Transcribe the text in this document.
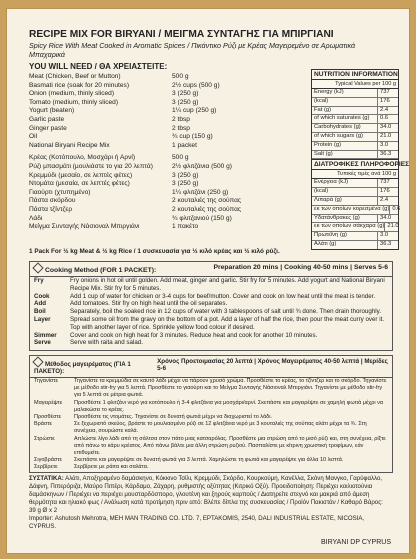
RECIPE MIX FOR BIRYANI / ΜΕΙΓΜΑ ΣΥΝΤΑΓΗΣ ΓΙΑ ΜΠΙΡΓΙΑΝΙ
Spicy Rice With Meat Cooked in Aromatic Spices / Πικάντικο Ρύζι με Κρέας Μαγειρεμένο σε Αρωματικά Μπαχαρικά
YOU WILL NEED / ΘΑ ΧΡΕΙΑΣΤΕΙΤΕ:
Meat (Chicken, Beef or Mutton)	500 g
Basmati rice (soak for 20 minutes)	2½ cups (500 g)
Onion (medium, thinly sliced)	3 (250 g)
Tomato (medium, thinly sliced)	3 (250 g)
Yogurt (beaten)	1¼ cup (250 g)
Garlic paste	2 tbsp
Ginger paste	2 tbsp
Oil	¾ cup (150 g)
National Biryani Recipe Mix	1 packet
Κρέας (Κοτόπουλο, Μοσχάρι ή Αρνί)	500 g
Ρύζι μπασμάτι (μουλιάστε το για 20 λεπτά)	2½ φλιτζάνια (500 g)
Κρεμμύδι (μεσαίο, σε λεπτές φέτες)	3 (250 g)
Ντομάτα (μεσαία, σε λεπτές φέτες)	3 (250 g)
Γιαούρτι (χτυπημένο)	1¼ φλιτζάνι (250 g)
Πάστα σκόρδου	2 κουταλιές της σούπας
Πάστα τζίντζερ	2 κουταλιές της σούπας
Λάδι	¾ φλιτζανιού (150 g)
Μείγμα Συνταγής Νάσιοναλ Μπιργιάνι	1 πακέτο
NUTRITION INFORMATION
Typical Values per 100 g
Energy (kJ)	737
(kcal)	176
Fat (g)	2.4
of which saturates (g)	0.6
Carbohydrates (g)	34.0
of which sugars (g)	21.0
Protein (g)	3.0
Salt (g)	36.3
ΔΙΑΤΡΟΦΙΚΕΣ ΠΛΗΡΟΦΟΡΙΕΣ
Τυπικές τιμές ανά 100 g
Ενέργεια (kJ)	737
(kcal)	176
Λιπαρά (g)	2.4
εκ των οποίων κορεσμένα (g) 0.6
Υδατάνθρακες (g)	34.0
εκ των οποίων σάκχαρα (g) 21.0
Πρωτεΐνη (g)	3.0
Αλάτι (g)	36.3
1 Pack For ½ kg Meat & ½ kg Rice / 1 συσκευασία για ½ κιλό κρέας και ½ κιλό ρύζι.
Cooking Method (FOR 1 PACKET):	Preparation 20 mins | Cooking 40-50 mins | Serves 5-6
Fry	Fry onions in hot oil until golden. Add meat, ginger and garlic. Stir fry for 5 minutes. Add yogurt and National Biryani Recipe Mix. Stir fry for 5 minutes.
Cook	Add 1 cup of water for chicken or 3-4 cups for beef/mutton. Cover and cook on low heat until the meat is tender.
Add	Add tomatoes. Stir fry on high heat until the oil separates.
Boil	Separately, boil the soaked rice in 12 cups of water with 3 tablespoons of salt until ¾ done. Then drain thoroughly.
Layer	Spread some oil from the gravy on the bottom of a pot. Add a layer of half the rice, then pour the meat curry over it. Top with another layer of rice. Sprinkle yellow food colour if desired.
Simmer	Cover and cook on high heat for 3 minutes. Reduce heat and cook for another 10 minutes.
Serve	Serve with raita and salad.
Μέθοδος μαγειρέματος (ΓΙΑ 1 ΠΑΚΕΤΟ):
Χρόνος Προετοιμασίας 20 λεπτά | Χρόνος Μαγειρέματος 40-50 λεπτά | Μερίδες 5-6
Τηγανίστε	Τηγανίστε τα κρεμμύδια σε καυτό λάδι μέχρι να πάρουν χρυσό χρώμα. Προσθέστε το κρέας, το τζίντζερ και το σκόρδο. Τηγανίστε με μέθοδο stir-fry για 5 λεπτά. Προσθέστε το γιαούρτι και το Μείγμα Συνταγής Νάσιοναλ Μπιργιάνι. Τηγανίστε με μέθοδο stir-fry για 5 λεπτά σε μέτρια φωτιά.
Μαγειρέψτε	Προσθέστε 1 φλιτζάνι νερό για κοτόπουλο ή 3-4 φλιτζάνια για μοσχάρι/αρνί. Σκεπάστε και μαγειρέψτε σε χαμηλή φωτιά μέχρι να μαλακώσει το κρέας.
Προσθέστε	Προσθέστε τις ντομάτες. Τηγανίστε σε δυνατή φωτιά μέχρι να διαχωριστεί το λάδι.
Βράστε	Σε ξεχωριστό σκεύος, βράστε το μουλιασμένο ρύζι σε 12 φλιτζάνια νερό με 3 κουταλιές της σούπας αλάτι μέχρι τα ¾. Στη συνέχεια, σουρώστε καλά.
Στρώστε	Απλώστε λίγο λάδι από τη σάλτσα στον πάτο μιας κατσαρόλας. Προσθέστε μια στρώση από το μισό ρύζι και, στη συνέχεια, ρίξτε από πάνω το κάρυ κρέατος. Από πάνω βάλτε μια άλλη στρώση ρυζιού. Πασπαλίστε με κίτρινη χρωστική τροφίμων, εάν επιθυμείτε.
Σιγοβράστε	Σκεπάστε και μαγειρέψτε σε δυνατή φωτιά για 3 λεπτά. Χαμηλώστε τη φωτιά και μαγειρέψτε για άλλα 10 λεπτά.
Σερβίρετε	Σερβίρετε με ράιτα και σαλάτα.
ΣΥΣΤΑΤΙΚΑ: Αλάτι, Αποξηραμένο δαμάσκηνο, Κόκκινο Τσίλι, Κρεμμύδι, Σκόρδο, Κουρκούμη, Κανέλλα, Σκόνη Μανγκο, Γαρύφαλλο, Δάφνη, Πιπερόριζα, Μαύρο Πιπέρι, Κάρδαμο, Ζάχαρη, ρυθμιστής οξύτητας (Κιτρικό Οξύ). Προειδοποίηση: Περιέχει κοιλιοτούνια δαμάσκηνων / Περιέχει να περιέχει μουσταρδόσπορο, γλουτένη και ξηρούς καρπούς / Διατηρείτε στεγνό και μακριά από άμεση θερμότητα και ηλιακό φως / Ανάλωση κατά προτίμηση πριν από: Βλέπε δίπλα της συσκευασίας / Προϊόν Πακιστάν / Καθαρό Βάρος: 39 g Ø x 2
Importer: Ashutosh Mehrotra, MEH MAN TRADING CO. LTD. 7, EPTAKOMIS, 2540, DALI INDUSTRIAL ESTATE, NICOSIA, CYPRUS.
BIRYANI DP CYPRUS
